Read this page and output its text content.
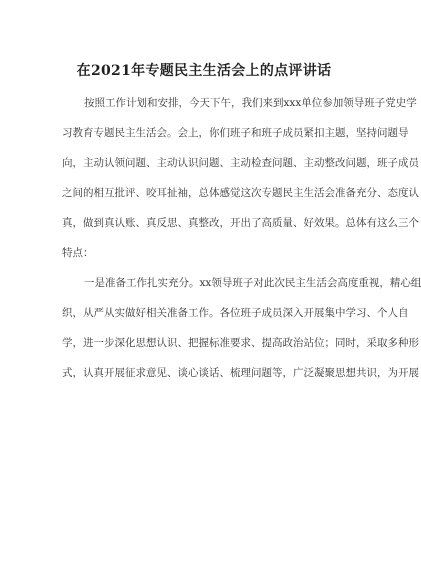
在2021年专题民主生活会上的点评讲话
按照工作计划和安排，今天下午，我们来到xxx单位参加领导班子党史学
习教育专题民主生活会。会上，你们班子和班子成员紧扣主题，坚持问题导
向，主动认领问题、主动认识问题、主动检查问题、主动整改问题，班子成员
之间的相互批评、咬耳扯袖，总体感觉这次专题民主生活会准备充分、态度认
真，做到真认账、真反思、真整改，开出了高质量、好效果。总体有这么三个
特点：
一是准备工作扎实充分。xx领导班子对此次民主生活会高度重视，精心组
织，从严从实做好相关准备工作。各位班子成员深入开展集中学习、个人自
学，进一步深化思想认识、把握标准要求、提高政治站位；同时，采取多种形
式，认真开展征求意见、谈心谈话、梳理问题等，广泛凝聚思想共识，为开展
